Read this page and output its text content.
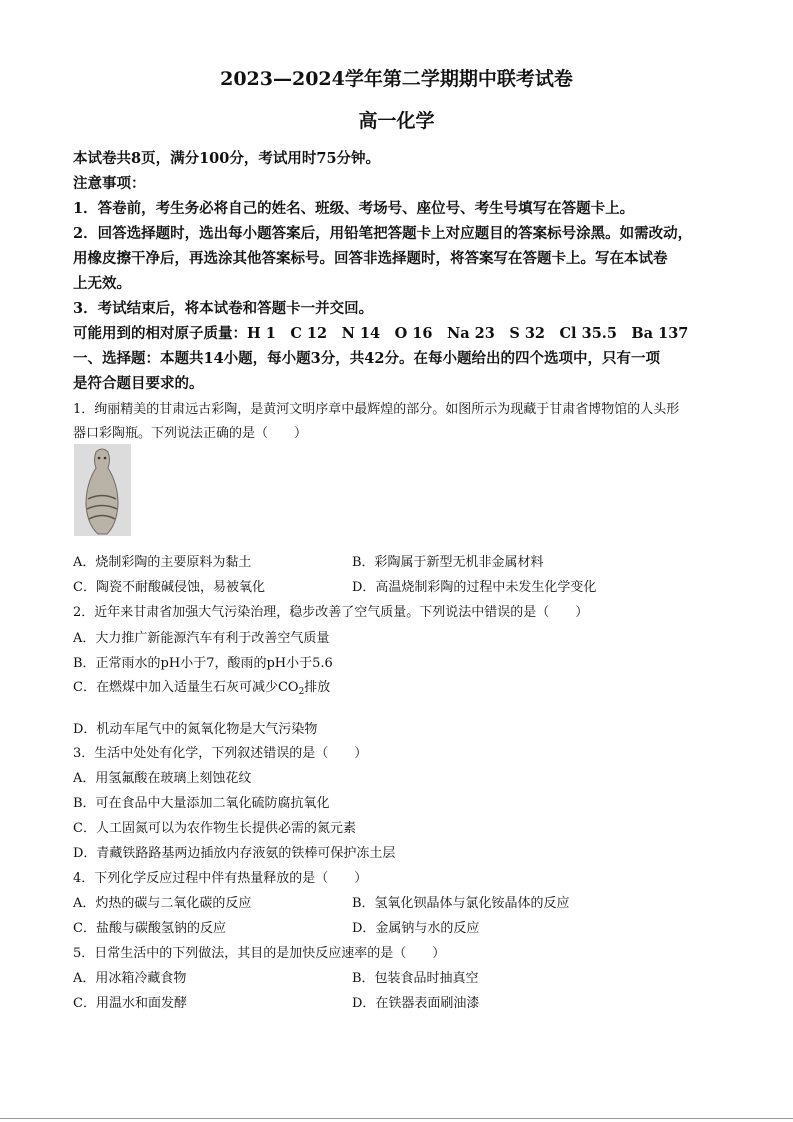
2023—2024学年第二学期期中联考试卷
高一化学
本试卷共8页，满分100分，考试用时75分钟。
注意事项：
1．答卷前，考生务必将自己的姓名、班级、考场号、座位号、考生号填写在答题卡上。
2．回答选择题时，选出每小题答案后，用铅笔把答题卡上对应题目的答案标号涂黑。如需改动，
用橡皮擦干净后，再选涂其他答案标号。回答非选择题时，将答案写在答题卡上。写在本试卷
上无效。
3．考试结束后，将本试卷和答题卡一并交回。
可能用到的相对原子质量：H 1　C 12　N 14　O 16　Na 23　S 32　Cl 35.5　Ba 137
一、选择题：本题共14小题，每小题3分，共42分。在每小题给出的四个选项中，只有一项
是符合题目要求的。
1．绚丽精美的甘肃远古彩陶，是黄河文明序章中最辉煌的部分。如图所示为现藏于甘肃省博物馆的人头形
器口彩陶瓶。下列说法正确的是（　　）
A．烧制彩陶的主要原料为黏土	B．彩陶属于新型无机非金属材料
C．陶瓷不耐酸碱侵蚀，易被氧化	D．高温烧制彩陶的过程中未发生化学变化
2．近年来甘肃省加强大气污染治理，稳步改善了空气质量。下列说法中错误的是（　　）
A．大力推广新能源汽车有利于改善空气质量
B．正常雨水的pH小于7，酸雨的pH小于5.6
C．在燃煤中加入适量生石灰可减少$CO_2$排放
D．机动车尾气中的氮氧化物是大气污染物
3．生活中处处有化学，下列叙述错误的是（　　）
A．用氢氟酸在玻璃上刻蚀花纹
B．可在食品中大量添加二氧化硫防腐抗氧化
C．人工固氮可以为农作物生长提供必需的氮元素
D．青藏铁路路基两边插放内存液氨的铁棒可保护冻土层
4．下列化学反应过程中伴有热量释放的是（　　）
A．灼热的碳与二氧化碳的反应	B．氢氧化钡晶体与氯化铵晶体的反应
C．盐酸与碳酸氢钠的反应	D．金属钠与水的反应
5．日常生活中的下列做法，其目的是加快反应速率的是（　　）
A．用冰箱冷藏食物	B．包装食品时抽真空
C．用温水和面发酵	D．在铁器表面刷油漆
